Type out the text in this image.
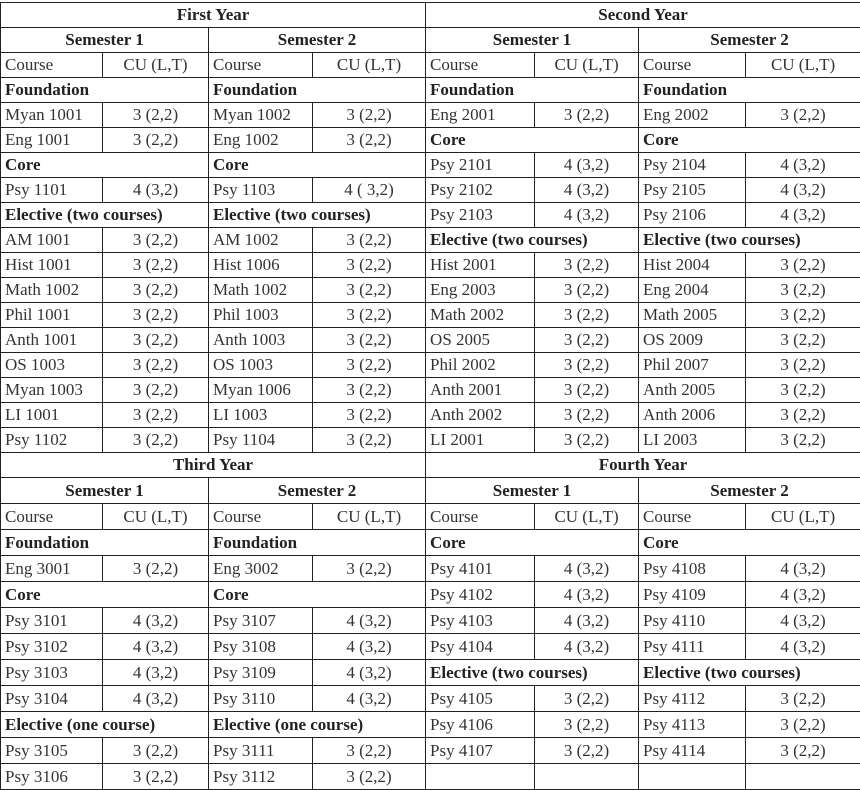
First Year				Second Year			
Semester 1		Semester 2		Semester 1		Semester 2	
Course	CU (L,T)	Course	CU (L,T)	Course	CU (L,T)	Course	CU (L,T)
Foundation		Foundation		Foundation		Foundation	
Myan 1001	3 (2,2)	Myan 1002	3 (2,2)	Eng 2001	3 (2,2)	Eng 2002	3 (2,2)
Eng 1001	3 (2,2)	Eng 1002	3 (2,2)	Core		Core	
Core		Core		Psy 2101	4 (3,2)	Psy 2104	4 (3,2)
Psy 1101	4 (3,2)	Psy 1103	4 ( 3,2)	Psy 2102	4 (3,2)	Psy 2105	4 (3,2)
Elective (two courses)		Elective (two courses)		Psy 2103	4 (3,2)	Psy 2106	4 (3,2)
AM 1001	3 (2,2)	AM 1002	3 (2,2)	Elective (two courses)		Elective (two courses)	
Hist 1001	3 (2,2)	Hist 1006	3 (2,2)	Hist 2001	3 (2,2)	Hist 2004	3 (2,2)
Math 1002	3 (2,2)	Math 1002	3 (2,2)	Eng 2003	3 (2,2)	Eng 2004	3 (2,2)
Phil 1001	3 (2,2)	Phil 1003	3 (2,2)	Math 2002	3 (2,2)	Math 2005	3 (2,2)
Anth 1001	3 (2,2)	Anth 1003	3 (2,2)	OS 2005	3 (2,2)	OS 2009	3 (2,2)
OS 1003	3 (2,2)	OS 1003	3 (2,2)	Phil 2002	3 (2,2)	Phil 2007	3 (2,2)
Myan 1003	3 (2,2)	Myan 1006	3 (2,2)	Anth 2001	3 (2,2)	Anth 2005	3 (2,2)
LI 1001	3 (2,2)	LI 1003	3 (2,2)	Anth 2002	3 (2,2)	Anth 2006	3 (2,2)
Psy 1102	3 (2,2)	Psy 1104	3 (2,2)	LI 2001	3 (2,2)	LI 2003	3 (2,2)
Third Year				Fourth Year			
Semester 1		Semester 2		Semester 1		Semester 2	
Course	CU (L,T)	Course	CU (L,T)	Course	CU (L,T)	Course	CU (L,T)
Foundation		Foundation		Core		Core	
Eng 3001	3 (2,2)	Eng 3002	3 (2,2)	Psy 4101	4 (3,2)	Psy 4108	4 (3,2)
Core		Core		Psy 4102	4 (3,2)	Psy 4109	4 (3,2)
Psy 3101	4 (3,2)	Psy 3107	4 (3,2)	Psy 4103	4 (3,2)	Psy 4110	4 (3,2)
Psy 3102	4 (3,2)	Psy 3108	4 (3,2)	Psy 4104	4 (3,2)	Psy 4111	4 (3,2)
Psy 3103	4 (3,2)	Psy 3109	4 (3,2)	Elective (two courses)		Elective (two courses)	
Psy 3104	4 (3,2)	Psy 3110	4 (3,2)	Psy 4105	3 (2,2)	Psy 4112	3 (2,2)
Elective (one course)		Elective (one course)		Psy 4106	3 (2,2)	Psy 4113	3 (2,2)
Psy 3105	3 (2,2)	Psy 3111	3 (2,2)	Psy 4107	3 (2,2)	Psy 4114	3 (2,2)
Psy 3106	3 (2,2)	Psy 3112	3 (2,2)				
